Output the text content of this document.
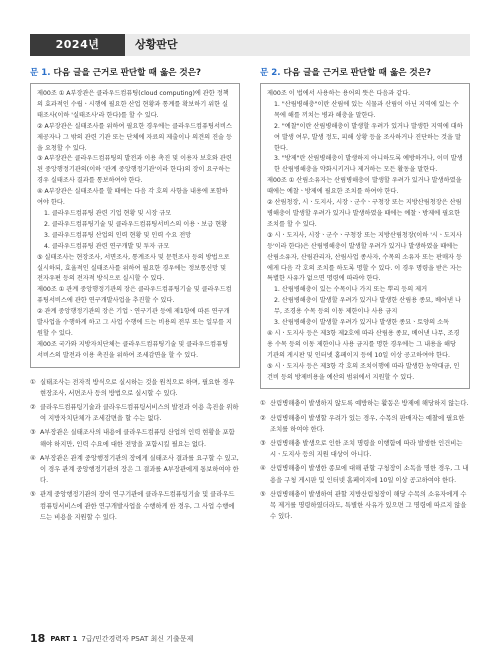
2024년	상황판단
문 1. 다음 글을 근거로 판단할 때 옳은 것은?

제00조 ① A부장관은 클라우드컴퓨팅(cloud computing)에 관한 정책의 효과적인 수립ㆍ시행에 필요한 산업 현황과 통계를 확보하기 위한 실태조사(이하 '실태조사'라 한다)를 할 수 있다.

② A부장관은 실태조사를 위하여 필요한 경우에는 클라우드컴퓨팅서비스 제공자나 그 밖의 관련 기관 또는 단체에 자료의 제출이나 의견의 진술 등을 요청할 수 있다.

③ A부장관은 클라우드컴퓨팅의 발전과 이용 촉진 및 이용자 보호와 관련된 중앙행정기관의(이하 '관계 중앙행정기관'이라 한다)의 장이 요구하는 경우 실태조사 결과를 통보하여야 한다.

④ A부장관은 실태조사를 할 때에는 다음 각 호의 사항을 내용에 포함하여야 한다.

1. 클라우드컴퓨팅 관련 기업 현황 및 시장 규모

2. 클라우드컴퓨팅기술 및 클라우드컴퓨팅서비스의 이용ㆍ보급 현황

3. 클라우드컴퓨팅 산업의 인력 현황 및 인력 수요 전망

4. 클라우드컴퓨팅 관련 연구개발 및 투자 규모

⑤ 실태조사는 현장조사, 서면조사, 통계조사 및 문헌조사 등의 방법으로 실시하되, 효율적인 실태조사를 위하여 필요한 경우에는 정보통신망 및 전자우편 등의 전자적 방식으로 실시할 수 있다.

제00조 ① 관계 중앙행정기관의 장은 클라우드컴퓨팅기술 및 클라우드컴퓨팅서비스에 관한 연구개발사업을 추진할 수 있다.

② 관계 중앙행정기관의 장은 기업ㆍ연구기관 등에 제1항에 따른 연구개발사업을 수행하게 하고 그 사업 수행에 드는 비용의 전부 또는 일부를 지원할 수 있다.

제00조 국가와 지방자치단체는 클라우드컴퓨팅기술 및 클라우드컴퓨팅서비스의 발전과 이용 촉진을 위하여 조세감면을 할 수 있다.

① 실태조사는 전자적 방식으로 실시하는 것을 원칙으로 하며, 필요한 경우 현장조사, 서면조사 등의 방법으로 실시할 수 있다.
② 클라우드컴퓨팅기술과 클라우드컴퓨팅서비스의 발전과 이용 촉진을 위하여 지방자치단체가 조세감면을 할 수는 없다.
③ A부장관은 실태조사의 내용에 클라우드컴퓨팅 산업의 인력 현황을 포함해야 하지만, 인력 수요에 대한 전망을 포함시킬 필요는 없다.
④ A부장관은 관계 중앙행정기관의 장에게 실태조사 결과를 요구할 수 있고, 이 경우 관계 중앙행정기관의 장은 그 결과를 A부장관에게 통보하여야 한다.
⑤ 관계 중앙행정기관의 장이 연구기관에 클라우드컴퓨팅기술 및 클라우드컴퓨팅서비스에 관한 연구개발사업을 수행하게 한 경우, 그 사업 수행에 드는 비용을 지원할 수 있다.
문 2. 다음 글을 근거로 판단할 때 옳은 것은?

제00조 이 법에서 사용하는 용어의 뜻은 다음과 같다.

1. "산림병해충"이란 산림에 있는 식물과 산림이 아닌 지역에 있는 수목에 해를 끼치는 병과 해충을 말한다.

2. "예찰"이란 산림병해충이 발생할 우려가 있거나 발생한 지역에 대하여 발생 여부, 발생 정도, 피해 상황 등을 조사하거나 진단하는 것을 말한다.

3. "방제"란 산림병해충이 발생하지 아니하도록 예방하거나, 이미 발생한 산림병해충을 약화시키거나 제거하는 모든 활동을 말한다.

제00조 ① 산림소유자는 산림병해충이 발생할 우려가 있거나 발생하였을 때에는 예찰ㆍ방제에 필요한 조치를 하여야 한다.

② 산림청장, 시ㆍ도지사, 시장ㆍ군수ㆍ구청장 또는 지방산림청장은 산림병해충이 발생할 우려가 있거나 발생하였을 때에는 예찰ㆍ방제에 필요한 조치를 할 수 있다.

③ 시ㆍ도지사, 시장ㆍ군수ㆍ구청장 또는 지방산림청장(이하 '시ㆍ도지사 등'이라 한다)은 산림병해충이 발생할 우려가 있거나 발생하였을 때에는 산림소유자, 산림관리자, 산림사업 종사자, 수목의 소유자 또는 판매자 등에게 다음 각 호의 조치를 하도록 명할 수 있다. 이 경우 명령을 받은 자는 특별한 사유가 없으면 명령에 따라야 한다.

1. 산림병해충이 있는 수목이나 가지 또는 뿌리 등의 제거

2. 산림병해충이 발생할 우려가 있거나 발생한 산림용 종묘, 베어낸 나무, 조경용 수목 등의 이동 제한이나 사용 금지

3. 산림병해충이 발생할 우려가 있거나 발생한 종묘ㆍ토양의 소독

④ 시ㆍ도지사 등은 제3항 제2호에 따라 산림용 종묘, 베어낸 나무, 조경용 수목 등의 이동 제한이나 사용 금지를 명한 경우에는 그 내용을 해당 기관의 게시판 및 인터넷 홈페이지 등에 10일 이상 공고하여야 한다.

⑤ 시ㆍ도지사 등은 제3항 각 호의 조치이행에 따라 발생한 농약대금, 인건비 등의 방제비용을 예산의 범위에서 지원할 수 있다.

① 산림병해충이 발생하지 않도록 예방하는 활동은 방제에 해당하지 않는다.
② 산림병해충이 발생할 우려가 있는 경우, 수목의 판매자는 예찰에 필요한 조치를 하여야 한다.
③ 산림병해충 발생으로 인한 조치 명령을 이행함에 따라 발생한 인건비는 시ㆍ도지사 등의 지원 대상이 아니다.
④ 산림병해충이 발생한 종묘에 대해 관할 구청장이 소독을 명한 경우, 그 내용을 구청 게시판 및 인터넷 홈페이지에 10일 이상 공고하여야 한다.
⑤ 산림병해충이 발생하여 관할 지방산림청장이 해당 수목의 소유자에게 수목 제거를 명령하였더라도, 특별한 사유가 있으면 그 명령에 따르지 않을 수 있다.
18 PART 1 7급/민간경력자 PSAT 최신 기출문제
